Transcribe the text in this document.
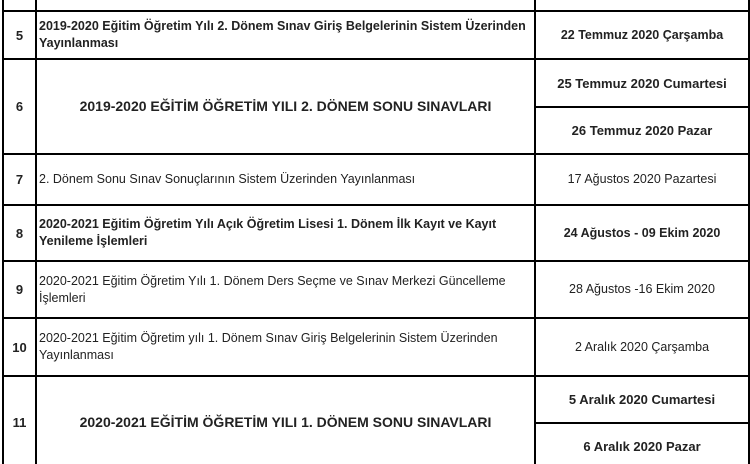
5	2019-2020 Eğitim Öğretim Yılı 2. Dönem Sınav Giriş Belgelerinin Sistem Üzerinden Yayınlanması	22 Temmuz 2020 Çarşamba
6	2019-2020 EĞİTİM ÖĞRETİM YILI 2. DÖNEM SONU SINAVLARI	25 Temmuz 2020 Cumartesi
		26 Temmuz 2020 Pazar
7	2. Dönem Sonu Sınav Sonuçlarının Sistem Üzerinden Yayınlanması	17 Ağustos 2020 Pazartesi
8	2020-2021 Eğitim Öğretim Yılı Açık Öğretim Lisesi 1. Dönem İlk Kayıt ve Kayıt Yenileme İşlemleri	24 Ağustos - 09 Ekim 2020
9	2020-2021 Eğitim Öğretim Yılı 1. Dönem Ders Seçme ve Sınav Merkezi Güncelleme İşlemleri	28 Ağustos -16 Ekim 2020
10	2020-2021 Eğitim Öğretim yılı 1. Dönem Sınav Giriş Belgelerinin Sistem Üzerinden Yayınlanması	2 Aralık 2020 Çarşamba
11	2020-2021 EĞİTİM ÖĞRETİM YILI 1. DÖNEM SONU SINAVLARI	5 Aralık 2020 Cumartesi
		6 Aralık 2020 Pazar
